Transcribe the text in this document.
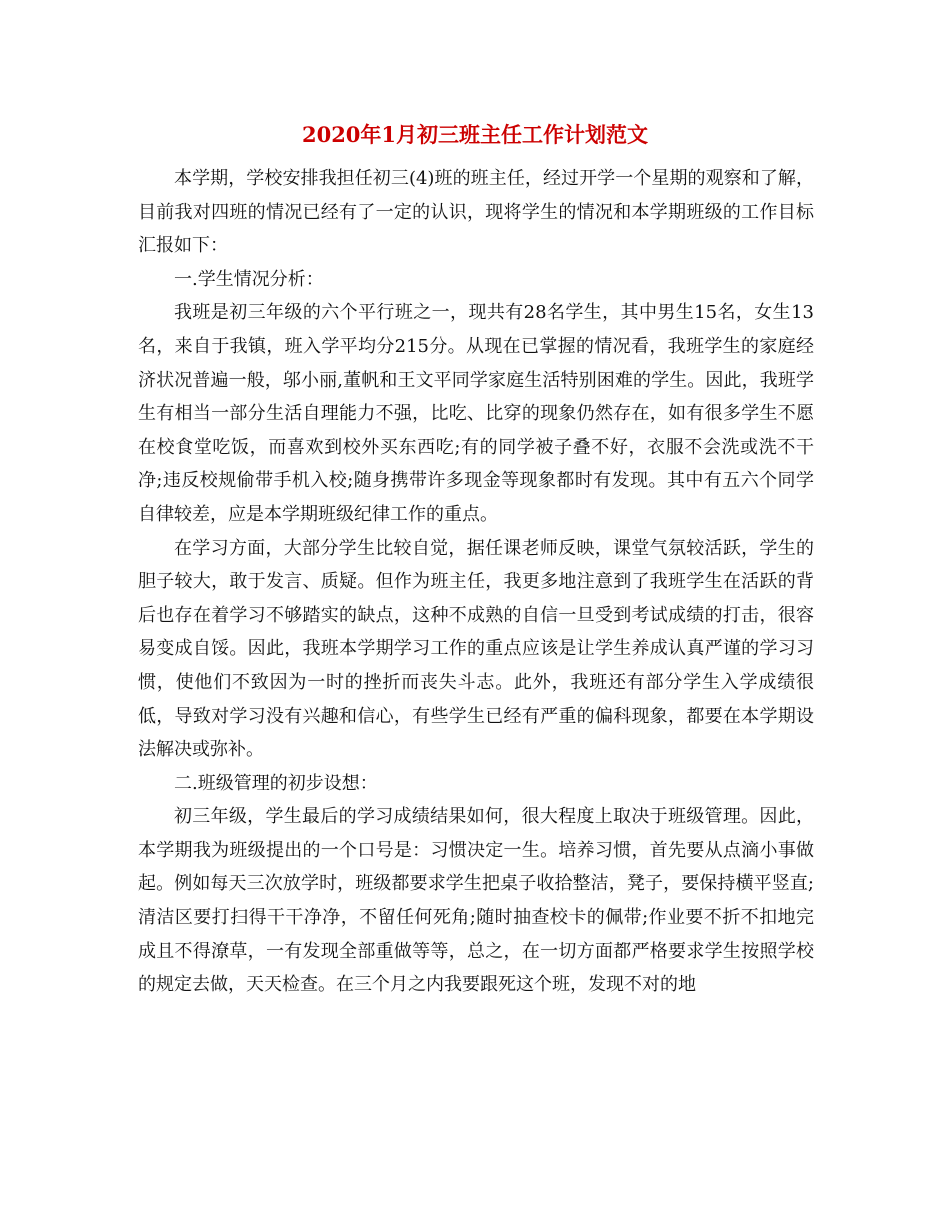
2020年1月初三班主任工作计划范文

本学期，学校安排我担任初三(4)班的班主任，经过开学一个星期的观察和了解，目前我对四班的情况已经有了一定的认识，现将学生的情况和本学期班级的工作目标汇报如下：

一.学生情况分析：

我班是初三年级的六个平行班之一，现共有28名学生，其中男生15名，女生13名，来自于我镇，班入学平均分215分。从现在已掌握的情况看，我班学生的家庭经济状况普遍一般，邬小丽,董帆和王文平同学家庭生活特别困难的学生。因此，我班学生有相当一部分生活自理能力不强，比吃、比穿的现象仍然存在，如有很多学生不愿在校食堂吃饭，而喜欢到校外买东西吃;有的同学被子叠不好，衣服不会洗或洗不干净;违反校规偷带手机入校;随身携带许多现金等现象都时有发现。其中有五六个同学自律较差，应是本学期班级纪律工作的重点。

在学习方面，大部分学生比较自觉，据任课老师反映，课堂气氛较活跃，学生的胆子较大，敢于发言、质疑。但作为班主任，我更多地注意到了我班学生在活跃的背后也存在着学习不够踏实的缺点，这种不成熟的自信一旦受到考试成绩的打击，很容易变成自馁。因此，我班本学期学习工作的重点应该是让学生养成认真严谨的学习习惯，使他们不致因为一时的挫折而丧失斗志。此外，我班还有部分学生入学成绩很低，导致对学习没有兴趣和信心，有些学生已经有严重的偏科现象，都要在本学期设法解决或弥补。

二.班级管理的初步设想：

初三年级，学生最后的学习成绩结果如何，很大程度上取决于班级管理。因此，本学期我为班级提出的一个口号是：习惯决定一生。培养习惯，首先要从点滴小事做起。例如每天三次放学时，班级都要求学生把桌子收拾整洁，凳子，要保持横平竖直;清洁区要打扫得干干净净，不留任何死角;随时抽查校卡的佩带;作业要不折不扣地完成且不得潦草，一有发现全部重做等等，总之，在一切方面都严格要求学生按照学校的规定去做，天天检查。在三个月之内我要跟死这个班，发现不对的地
